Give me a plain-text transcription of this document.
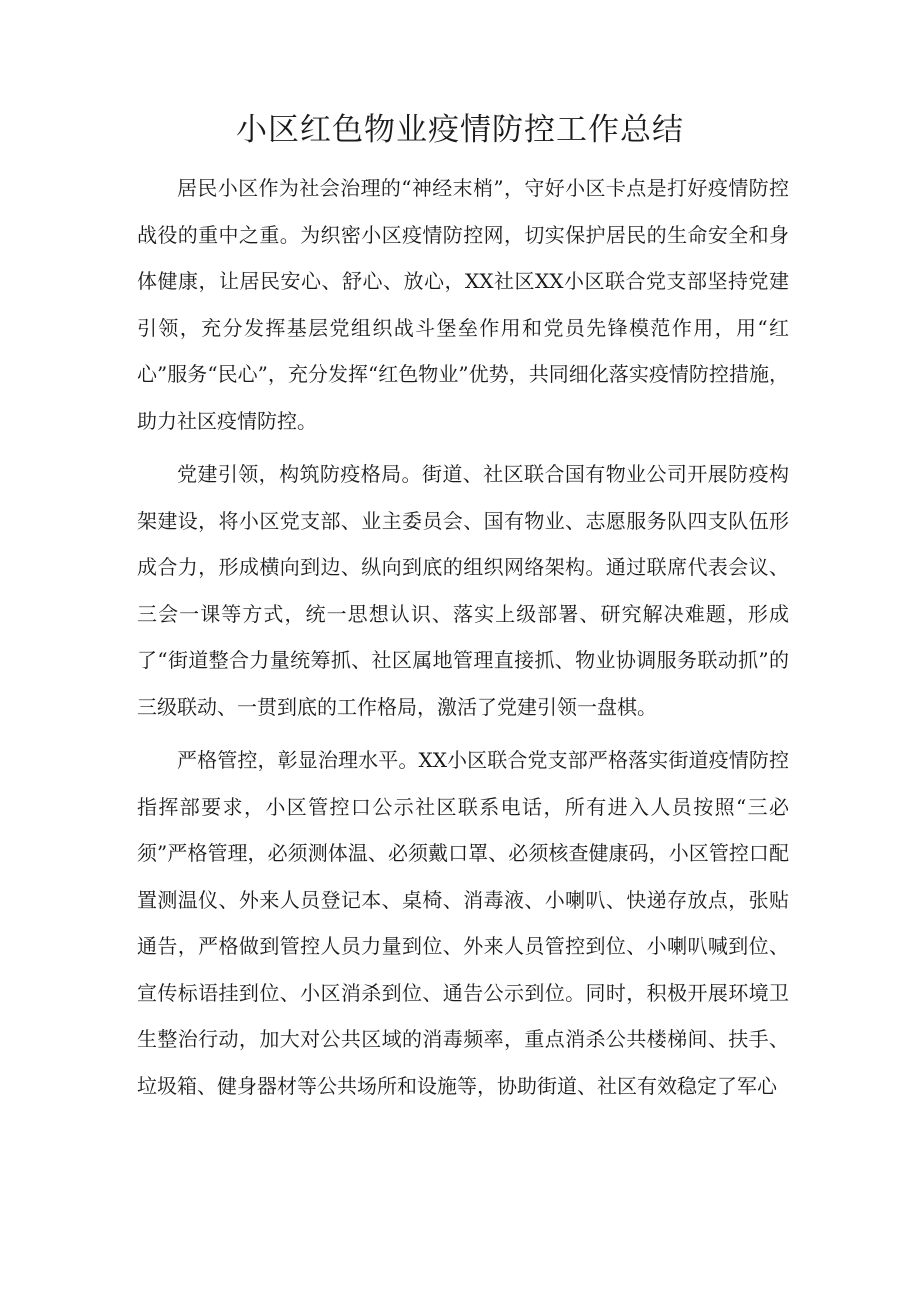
小区红色物业疫情防控工作总结

居民小区作为社会治理的“神经末梢”，守好小区卡点是打好疫情防控战役的重中之重。为织密小区疫情防控网，切实保护居民的生命安全和身体健康，让居民安心、舒心、放心，XX社区XX小区联合党支部坚持党建引领，充分发挥基层党组织战斗堡垒作用和党员先锋模范作用，用“红心”服务“民心”，充分发挥“红色物业”优势，共同细化落实疫情防控措施，助力社区疫情防控。

党建引领，构筑防疫格局。街道、社区联合国有物业公司开展防疫构架建设，将小区党支部、业主委员会、国有物业、志愿服务队四支队伍形成合力，形成横向到边、纵向到底的组织网络架构。通过联席代表会议、三会一课等方式，统一思想认识、落实上级部署、研究解决难题，形成了“街道整合力量统筹抓、社区属地管理直接抓、物业协调服务联动抓”的三级联动、一贯到底的工作格局，激活了党建引领一盘棋。

严格管控，彰显治理水平。XX小区联合党支部严格落实街道疫情防控指挥部要求，小区管控口公示社区联系电话，所有进入人员按照“三必须”严格管理，必须测体温、必须戴口罩、必须核查健康码，小区管控口配置测温仪、外来人员登记本、桌椅、消毒液、小喇叭、快递存放点，张贴通告，严格做到管控人员力量到位、外来人员管控到位、小喇叭喊到位、宣传标语挂到位、小区消杀到位、通告公示到位。同时，积极开展环境卫生整治行动，加大对公共区域的消毒频率，重点消杀公共楼梯间、扶手、垃圾箱、健身器材等公共场所和设施等，协助街道、社区有效稳定了军心
